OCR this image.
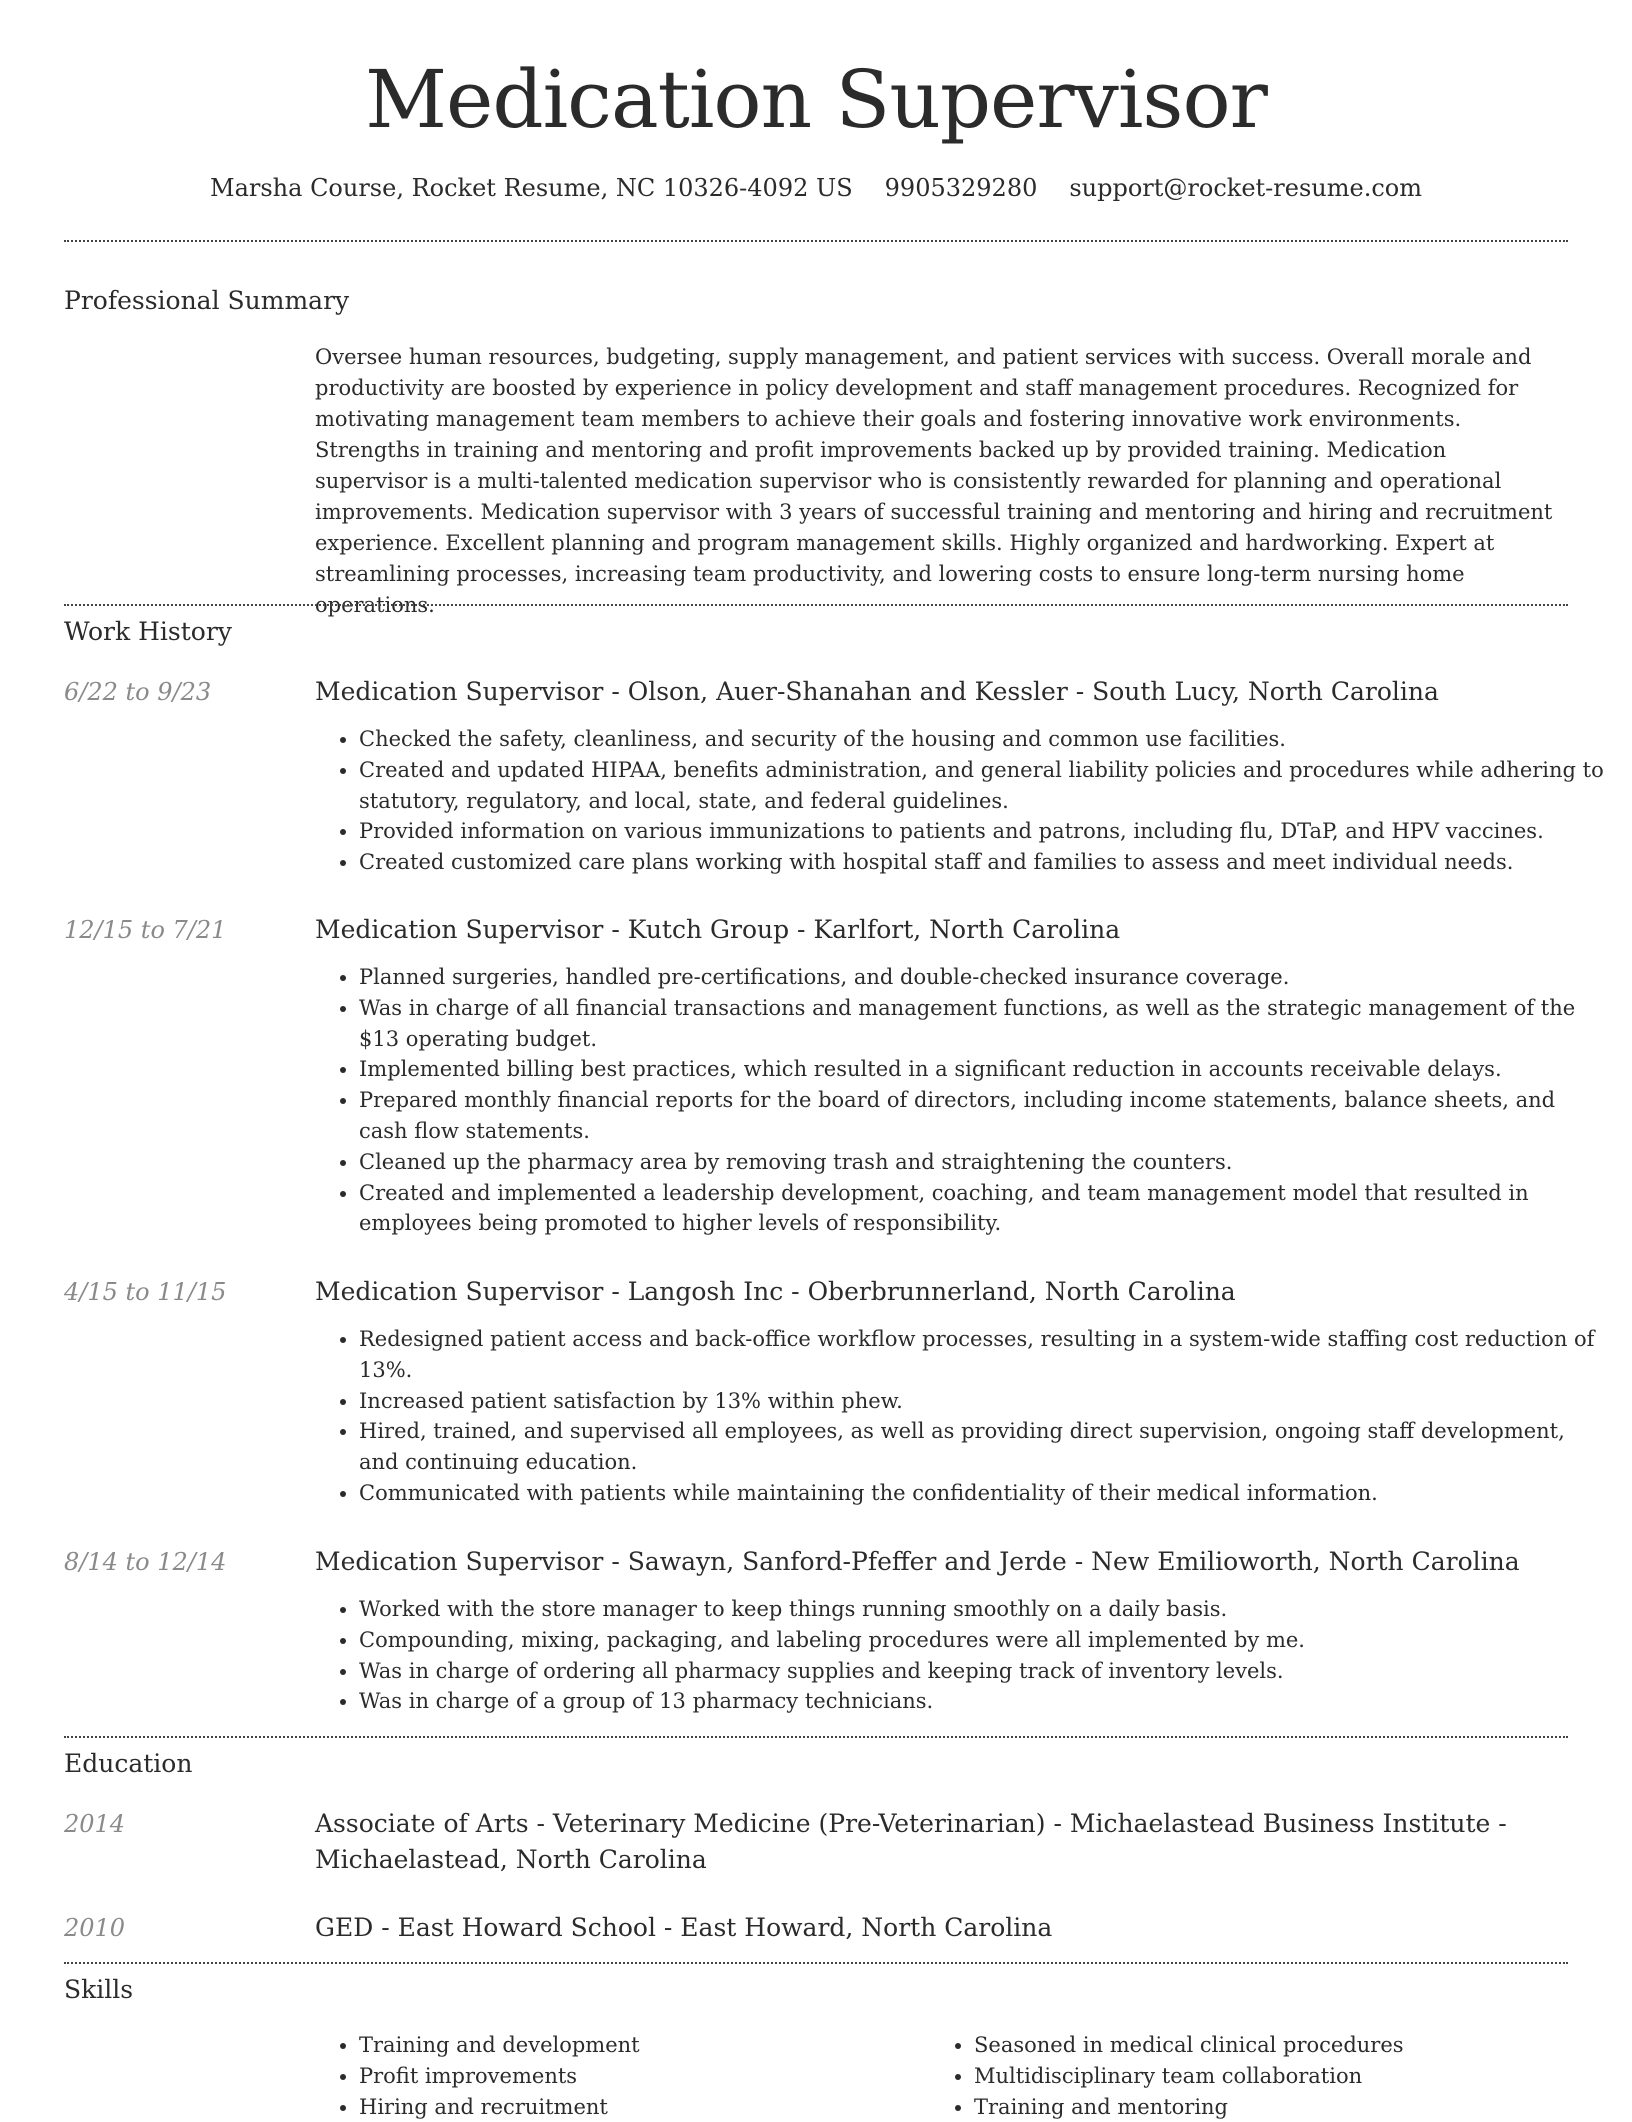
Medication Supervisor
Marsha Course, Rocket Resume, NC 10326-4092 US 9905329280 support@rocket-resume.com
Professional Summary
Oversee human resources, budgeting, supply management, and patient services with success. Overall morale and productivity are boosted by experience in policy development and staff management procedures. Recognized for motivating management team members to achieve their goals and fostering innovative work environments. Strengths in training and mentoring and profit improvements backed up by provided training. Medication supervisor is a multi-talented medication supervisor who is consistently rewarded for planning and operational improvements. Medication supervisor with 3 years of successful training and mentoring and hiring and recruitment experience. Excellent planning and program management skills. Highly organized and hardworking. Expert at streamlining processes, increasing team productivity, and lowering costs to ensure long-term nursing home operations.
Work History
6/22 to 9/23	Medication Supervisor - Olson, Auer-Shanahan and Kessler - South Lucy, North Carolina
• Checked the safety, cleanliness, and security of the housing and common use facilities.
• Created and updated HIPAA, benefits administration, and general liability policies and procedures while adhering to statutory, regulatory, and local, state, and federal guidelines.
• Provided information on various immunizations to patients and patrons, including flu, DTaP, and HPV vaccines.
• Created customized care plans working with hospital staff and families to assess and meet individual needs.
12/15 to 7/21	Medication Supervisor - Kutch Group - Karlfort, North Carolina
• Planned surgeries, handled pre-certifications, and double-checked insurance coverage.
• Was in charge of all financial transactions and management functions, as well as the strategic management of the $13 operating budget.
• Implemented billing best practices, which resulted in a significant reduction in accounts receivable delays.
• Prepared monthly financial reports for the board of directors, including income statements, balance sheets, and cash flow statements.
• Cleaned up the pharmacy area by removing trash and straightening the counters.
• Created and implemented a leadership development, coaching, and team management model that resulted in employees being promoted to higher levels of responsibility.
4/15 to 11/15	Medication Supervisor - Langosh Inc - Oberbrunnerland, North Carolina
• Redesigned patient access and back-office workflow processes, resulting in a system-wide staffing cost reduction of 13%.
• Increased patient satisfaction by 13% within phew.
• Hired, trained, and supervised all employees, as well as providing direct supervision, ongoing staff development, and continuing education.
• Communicated with patients while maintaining the confidentiality of their medical information.
8/14 to 12/14	Medication Supervisor - Sawayn, Sanford-Pfeffer and Jerde - New Emilioworth, North Carolina
• Worked with the store manager to keep things running smoothly on a daily basis.
• Compounding, mixing, packaging, and labeling procedures were all implemented by me.
• Was in charge of ordering all pharmacy supplies and keeping track of inventory levels.
• Was in charge of a group of 13 pharmacy technicians.
Education
2014	Associate of Arts - Veterinary Medicine (Pre-Veterinarian) - Michaelastead Business Institute - Michaelastead, North Carolina
2010	GED - East Howard School - East Howard, North Carolina
Skills
• Training and development
• Profit improvements
• Hiring and recruitment
• Seasoned in medical clinical procedures
• Multidisciplinary team collaboration
• Training and mentoring
